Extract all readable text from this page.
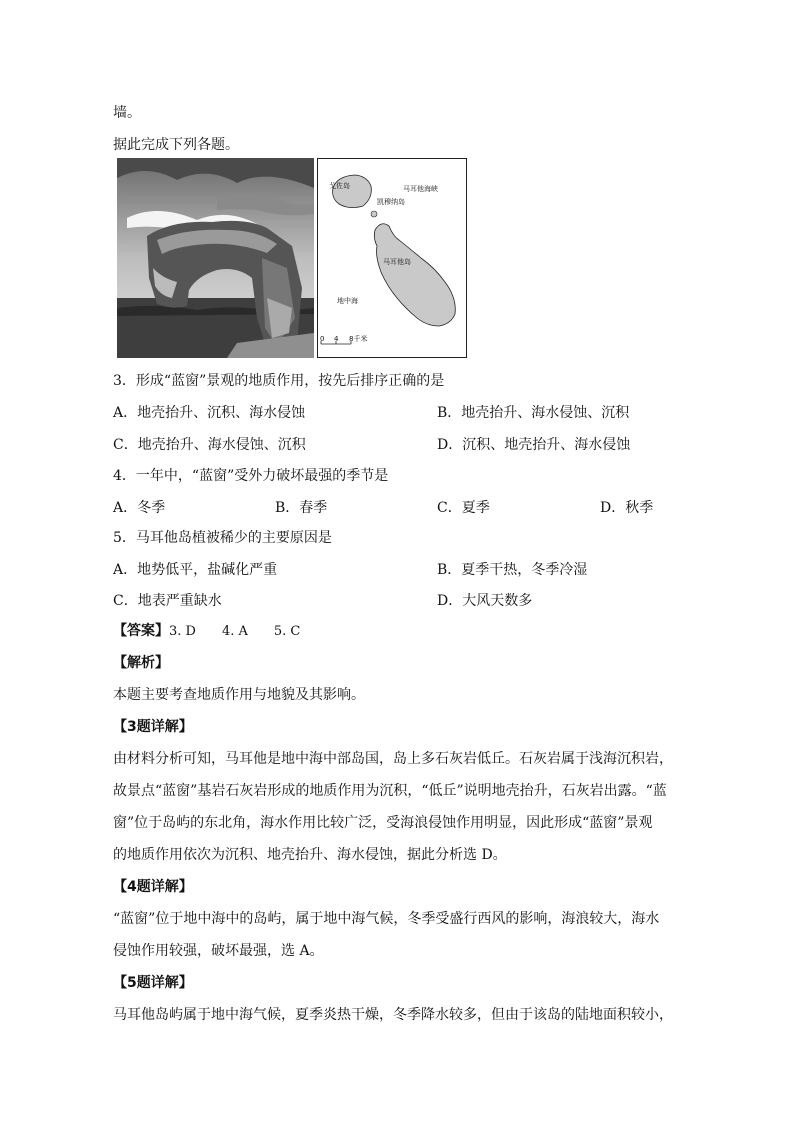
墙。
据此完成下列各题。
戈佐岛	马耳他海峡
凯穆纳岛
马耳他岛
地中海
0 4 8千米
3．形成“蓝窗”景观的地质作用，按先后排序正确的是
A．地壳抬升、沉积、海水侵蚀	B．地壳抬升、海水侵蚀、沉积
C．地壳抬升、海水侵蚀、沉积	D．沉积、地壳抬升、海水侵蚀
4．一年中，“蓝窗”受外力破坏最强的季节是
A．冬季	B．春季	C．夏季	D．秋季
5．马耳他岛植被稀少的主要原因是
A．地势低平，盐碱化严重	B．夏季干热，冬季冷湿
C．地表严重缺水	D．大风天数多
【答案】3. D　　4. A　　5. C
【解析】
本题主要考查地质作用与地貌及其影响。
【3题详解】
由材料分析可知，马耳他是地中海中部岛国，岛上多石灰岩低丘。石灰岩属于浅海沉积岩，
故景点“蓝窗”基岩石灰岩形成的地质作用为沉积，“低丘”说明地壳抬升，石灰岩出露。“蓝
窗”位于岛屿的东北角，海水作用比较广泛，受海浪侵蚀作用明显，因此形成“蓝窗”景观
的地质作用依次为沉积、地壳抬升、海水侵蚀，据此分析选 D。
【4题详解】
“蓝窗”位于地中海中的岛屿，属于地中海气候，冬季受盛行西风的影响，海浪较大，海水
侵蚀作用较强，破坏最强，选 A。
【5题详解】
马耳他岛屿属于地中海气候，夏季炎热干燥，冬季降水较多，但由于该岛的陆地面积较小，
